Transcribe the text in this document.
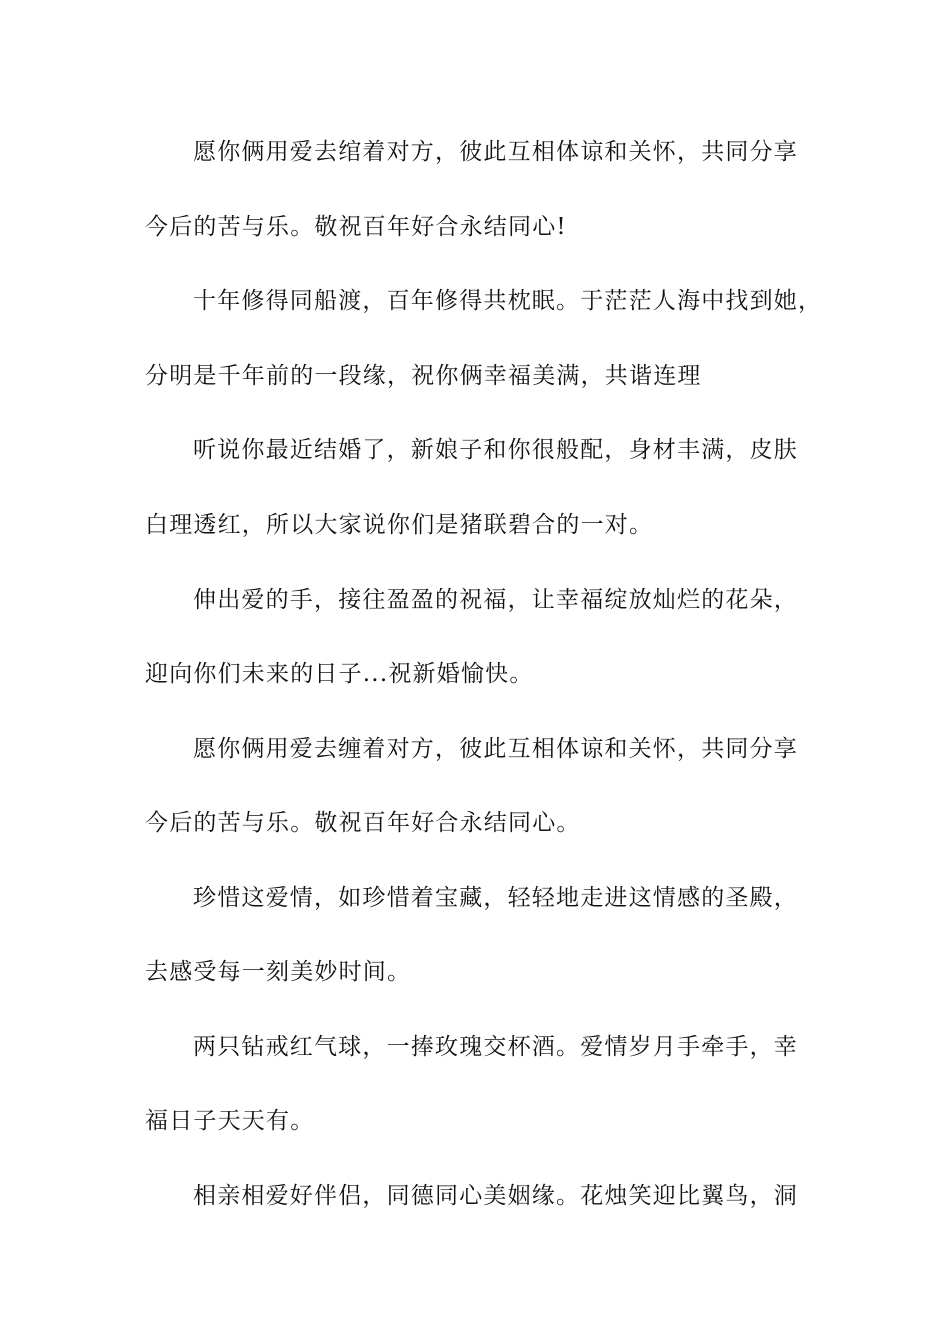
愿你俩用爱去绾着对方，彼此互相体谅和关怀，共同分享
今后的苦与乐。敬祝百年好合永结同心!
十年修得同船渡，百年修得共枕眠。于茫茫人海中找到她，
分明是千年前的一段缘，祝你俩幸福美满，共谐连理
听说你最近结婚了，新娘子和你很般配，身材丰满，皮肤
白理透红，所以大家说你们是猪联碧合的一对。
伸出爱的手，接往盈盈的祝福，让幸福绽放灿烂的花朵，
迎向你们未来的日子...祝新婚愉快。
愿你俩用爱去缠着对方，彼此互相体谅和关怀，共同分享
今后的苦与乐。敬祝百年好合永结同心。
珍惜这爱情，如珍惜着宝藏，轻轻地走进这情感的圣殿，
去感受每一刻美妙时间。
两只钻戒红气球，一捧玫瑰交杯酒。爱情岁月手牵手，幸
福日子天天有。
相亲相爱好伴侣，同德同心美姻缘。花烛笑迎比翼鸟，洞
